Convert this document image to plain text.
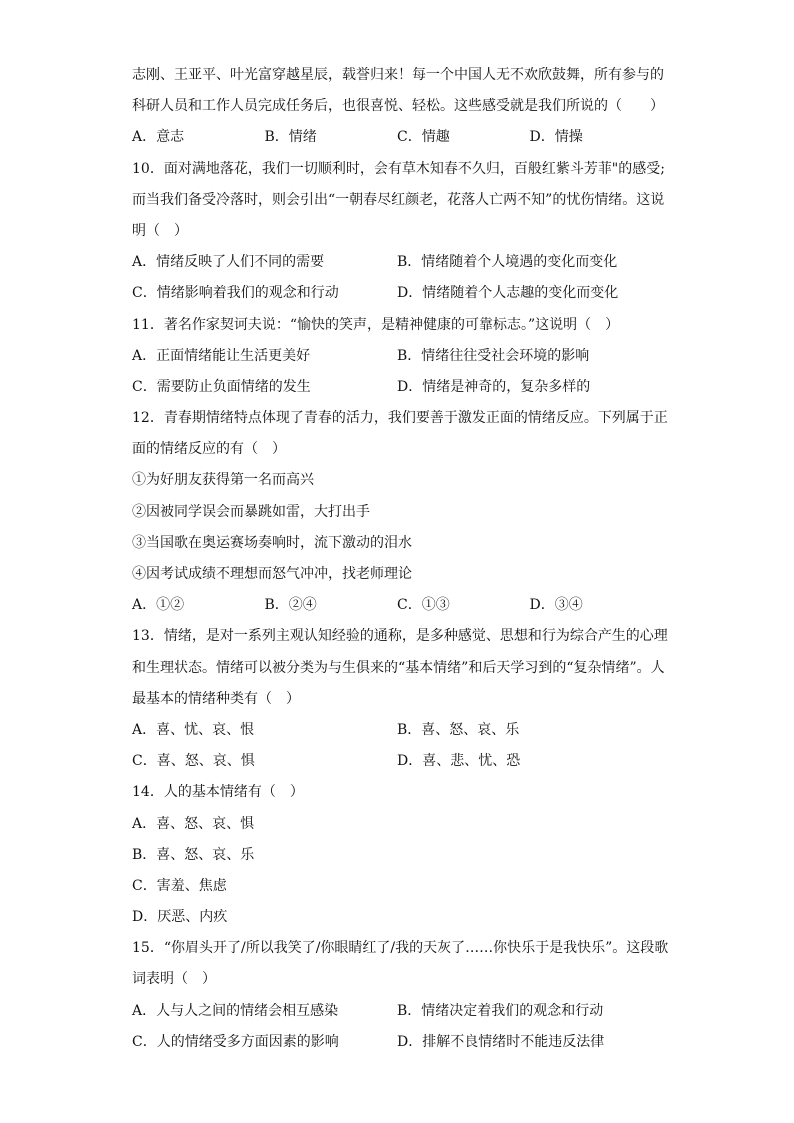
志刚、王亚平、叶光富穿越星辰，载誉归来！每一个中国人无不欢欣鼓舞，所有参与的
科研人员和工作人员完成任务后，也很喜悦、轻松。这些感受就是我们所说的（　　）
A．意志	B．情绪	C．情趣	D．情操
10．面对满地落花，我们一切顺利时，会有草木知春不久归，百般红紫斗芳菲"的感受;
而当我们备受冷落时，则会引出“一朝春尽红颜老，花落人亡两不知”的忧伤情绪。这说
明（　）
A．情绪反映了人们不同的需要	B．情绪随着个人境遇的变化而变化
C．情绪影响着我们的观念和行动	D．情绪随着个人志趣的变化而变化
11．著名作家契诃夫说：“愉快的笑声，是精神健康的可靠标志。”这说明（　）
A．正面情绪能让生活更美好	B．情绪往往受社会环境的影响
C．需要防止负面情绪的发生	D．情绪是神奇的，复杂多样的
12．青春期情绪特点体现了青春的活力，我们要善于激发正面的情绪反应。下列属于正
面的情绪反应的有（　）
①为好朋友获得第一名而高兴
②因被同学误会而暴跳如雷，大打出手
③当国歌在奥运赛场奏响时，流下激动的泪水
④因考试成绩不理想而怒气冲冲，找老师理论
A．①②	B．②④	C．①③	D．③④
13．情绪，是对一系列主观认知经验的通称，是多种感觉、思想和行为综合产生的心理
和生理状态。情绪可以被分类为与生俱来的“基本情绪”和后天学习到的“复杂情绪”。人
最基本的情绪种类有（　）
A．喜、忧、哀、恨	B．喜、怒、哀、乐
C．喜、怒、哀、惧	D．喜、悲、忧、恐
14．人的基本情绪有（　）
A．喜、怒、哀、惧
B．喜、怒、哀、乐
C．害羞、焦虑
D．厌恶、内疚
15．“你眉头开了/所以我笑了/你眼睛红了/我的天灰了……你快乐于是我快乐”。这段歌
词表明（　）
A．人与人之间的情绪会相互感染	B．情绪决定着我们的观念和行动
C．人的情绪受多方面因素的影响	D．排解不良情绪时不能违反法律
